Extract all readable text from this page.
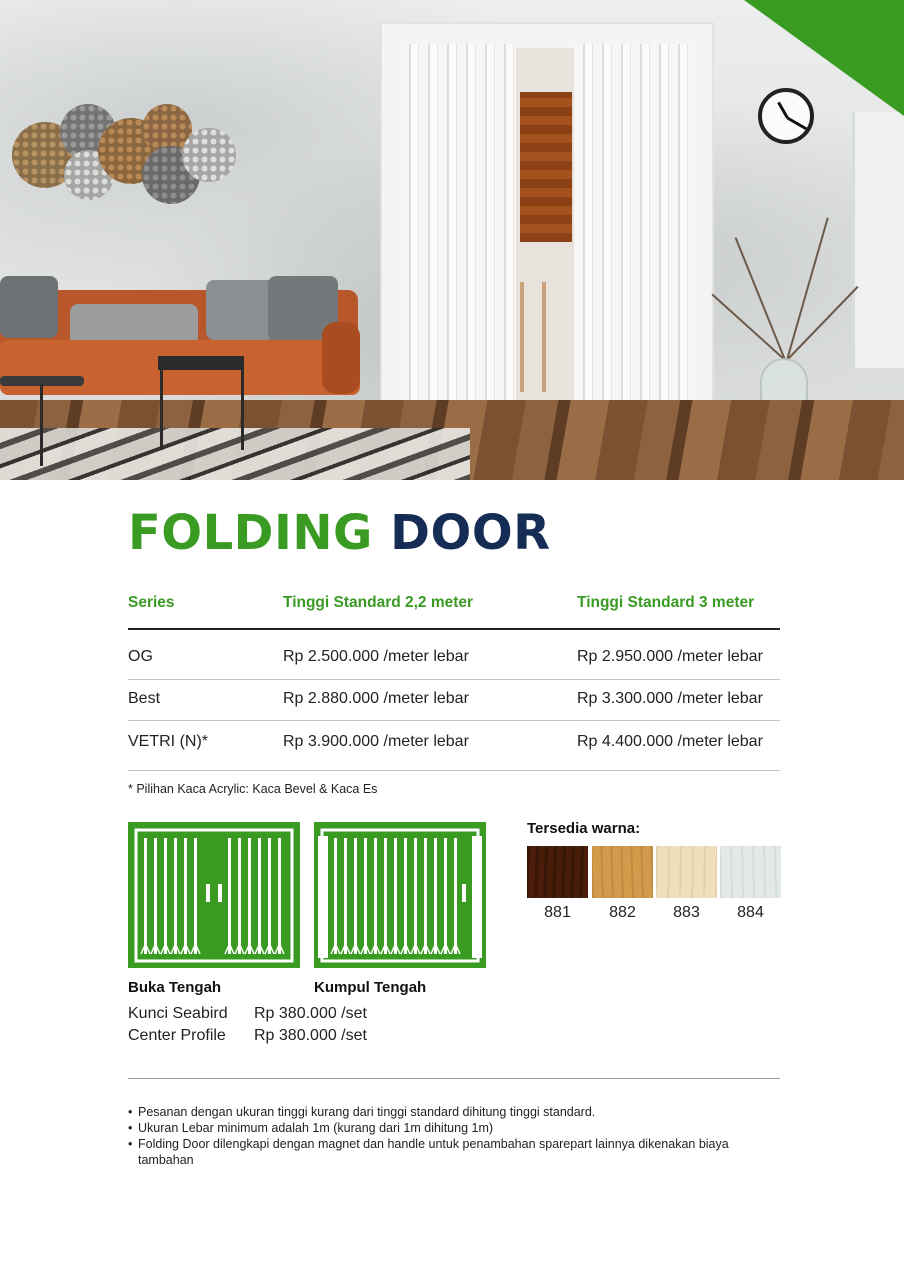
FOLDING DOOR
Series	Tinggi Standard 2,2 meter	Tinggi Standard 3 meter
OG	Rp 2.500.000 /meter lebar	Rp 2.950.000 /meter lebar
Best	Rp 2.880.000 /meter lebar	Rp 3.300.000 /meter lebar
VETRI (N)*	Rp 3.900.000 /meter lebar	Rp 4.400.000 /meter lebar
* Pilihan Kaca Acrylic: Kaca Bevel & Kaca Es
Buka Tengah	Kumpul Tengah
Kunci Seabird Rp 380.000 /set
Center Profile Rp 380.000 /set
Tersedia warna:
881	882	883	884
• Pesanan dengan ukuran tinggi kurang dari tinggi standard dihitung tinggi standard.
• Ukuran Lebar minimum adalah 1m (kurang dari 1m dihitung 1m)
• Folding Door dilengkapi dengan magnet dan handle untuk penambahan sparepart lainnya dikenakan biaya tambahan
